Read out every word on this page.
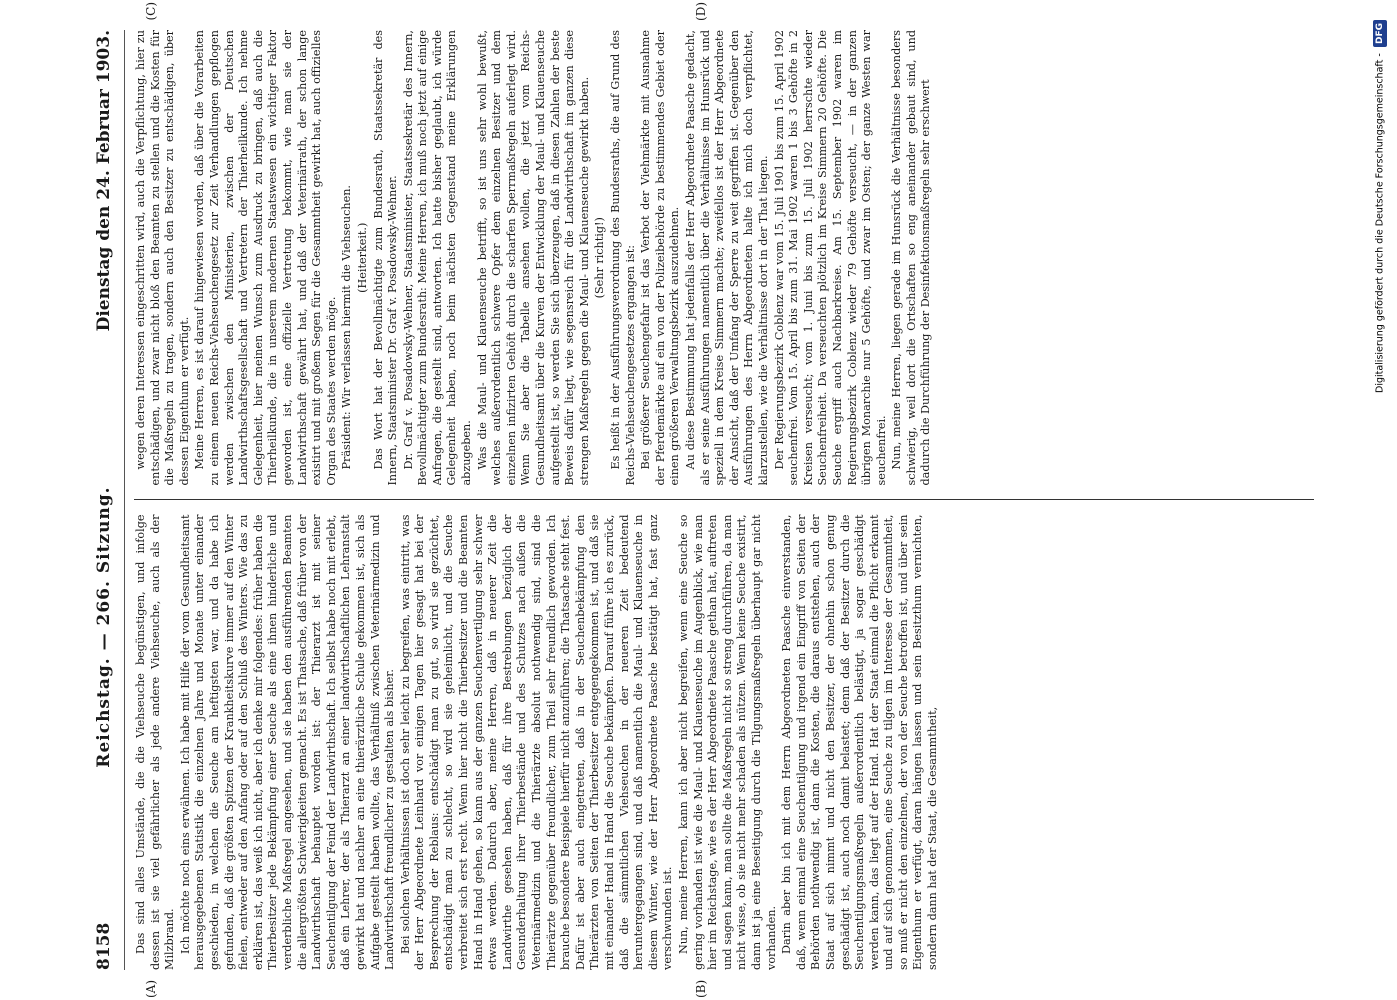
8158
Reichstag. — 266. Sitzung.
Dienstag den 24. Februar 1903.
(A)	(B)
(C)	(D)

Das sind alles Umstände, die die Viehseuche begünstigen, und infolge dessen ist sie viel gefährlicher als jede andere Viehseuche, auch als der Milzbrand. Ich möchte noch eins erwähnen. Ich habe mit Hilfe der vom Gesundheitsamt herausgegebenen Statistik die einzelnen Jahre und Monate unter einander geschieden, in welchen die Seuche am heftigsten war, und da habe ich gefunden, daß die größten Spitzen der Krankheitskurve immer auf den Winter fielen, entweder auf den Anfang oder auf den Schluß des Winters. Wie das zu erklären ist, das weiß ich nicht, aber ich denke mir folgendes: früher haben die Thierbesitzer jede Bekämpfung einer Seuche als eine ihnen hinderliche und verderbliche Maßregel angesehen, und sie haben den ausführenden Beamten die allergrößten Schwierigkeiten gemacht. Es ist Thatsache, daß früher von der Landwirthschaft behauptet worden ist: der Thierarzt ist mit seiner Seuchentilgung der Feind der Landwirthschaft. Ich selbst habe noch mit erlebt, daß ein Lehrer, der als Thierarzt an einer landwirthschaftlichen Lehranstalt gewirkt hat und nachher an eine thierärztliche Schule gekommen ist, sich als Aufgabe gestellt haben wollte, das Verhältniß zwischen Veterinärmedizin und Landwirthschaft freundlicher zu gestalten als bisher. Bei solchen Verhältnissen ist doch sehr leicht zu begreifen, was eintritt, was der Herr Abgeordnete Leinhard vor einigen Tagen hier gesagt hat bei der Besprechung der Reblaus: entschädigt man zu gut, so wird sie gezüchtet, entschädigt man zu schlecht, so wird sie geheimlicht, und die Seuche verbreitet sich erst recht. Wenn hier nicht die Thierbesitzer und die Beamten Hand in Hand gehen, so kann aus der ganzen Seuchenvertilgung sehr schwer etwas werden. Dadurch aber, meine Herren, daß in neuerer Zeit die Landwirthe gesehen haben, daß für ihre Bestrebungen bezüglich der Gesunderhaltung ihrer Thierbestände und des Schutzes nach außen die Veterinärmedizin und die Thierärzte absolut nothwendig sind, sind die Thierärzte gegenüber freundlicher, zum Theil sehr freundlich geworden. Ich brauche besondere Beispiele hierfür nicht anzuführen; die Thatsache steht fest. Dafür ist aber auch eingetreten, daß in der Seuchenbekämpfung den Thierärzten von Seiten der Thierbesitzer entgegengekommen ist, und daß sie mit einander Hand in Hand die Seuche bekämpfen. Darauf führe ich es zurück, daß die sämmtlichen Viehseuchen in der neueren Zeit bedeutend heruntergegangen sind, und daß namentlich die Maul- und Klauenseuche in diesem Winter, wie der Herr Abgeordnete Paasche bestätigt hat, fast ganz verschwunden ist. Nun, meine Herren, kann ich aber nicht begreifen, wenn eine Seuche so gering vorhanden ist wie die Maul- und Klauenseuche im Augenblick, wie man hier im Reichstage, wie es der Herr Abgeordnete Paasche gethan hat, auftreten und sagen kann, man sollte die Maßregeln nicht so streng durchführen, da man nicht wisse, ob sie nicht mehr schaden als nützen. Wenn keine Seuche existirt, dann ist ja eine Beseitigung durch die Tilgungsmaßregeln überhaupt gar nicht vorhanden. Darin aber bin ich mit dem Herrn Abgeordneten Paasche einverstanden, daß, wenn einmal eine Seuchentilgung und irgend ein Eingriff von Seiten der Behörden nothwendig ist, dann die Kosten, die daraus entstehen, auch der Staat auf sich nimmt und nicht den Besitzer, der ohnehin schon genug geschädigt ist, auch noch damit belastet; denn daß der Besitzer durch die Seuchentilgungsmaßregeln außerordentlich belästigt, ja sogar geschädigt werden kann, das liegt auf der Hand. Hat der Staat einmal die Pflicht erkannt und auf sich genommen, eine Seuche zu tilgen im Interesse der Gesammtheit, so muß er nicht den einzelnen, der von der Seuche betroffen ist, und über sein Eigenthum er verfügt, daran hängen lassen und sein Besitzthum vernichten, sondern dann hat der Staat, die Gesammtheit,

wegen deren Interessen eingeschritten wird, auch die Verpflichtung, hier zu entschädigen, und zwar nicht bloß den Beamten zu stellen und die Kosten für die Maßregeln zu tragen, sondern auch den Besitzer zu entschädigen, über dessen Eigenthum er verfügt. Meine Herren, es ist darauf hingewiesen worden, daß über die Vorarbeiten zu einem neuen Reichs-Viehseuchengesetz zur Zeit Verhandlungen gepflogen werden zwischen den Ministerien, zwischen der Deutschen Landwirthschaftsgesellschaft und Vertretern der Thierheilkunde. Ich nehme Gelegenheit, hier meinen Wunsch zum Ausdruck zu bringen, daß auch die Thierheilkunde, die in unserem modernen Staatswesen ein wichtiger Faktor geworden ist, eine offizielle Vertretung bekommt, wie man sie der Landwirthschaft gewährt hat, und daß der Veterinärrath, der schon lange existirt und mit großem Segen für die Gesammtheit gewirkt hat, auch offizielles Organ des Staates werden möge. Präsident: Wir verlassen hiermit die Viehseuchen. (Heiterkeit.) Das Wort hat der Bevollmächtigte zum Bundesrath, Staatssekretär des Innern, Staatsminister Dr. Graf v. Posadowsky-Wehner. Dr. Graf v. Posadowsky-Wehner, Staatsminister, Staatssekretär des Innern, Bevollmächtigter zum Bundesrath: Meine Herren, ich muß noch jetzt auf einige Anfragen, die gestellt sind, antworten. Ich hatte bisher geglaubt, ich würde Gelegenheit haben, noch beim nächsten Gegenstand meine Erklärungen abzugeben. Was die Maul- und Klauenseuche betrifft, so ist uns sehr wohl bewußt, welches außerordentlich schwere Opfer dem einzelnen Besitzer und dem einzelnen infizirten Gehöft durch die scharfen Sperrmaßregeln auferlegt wird. Wenn Sie aber die Tabelle ansehen wollen, die jetzt vom Reichs-Gesundheitsamt über die Kurven der Entwicklung der Maul- und Klauenseuche aufgestellt ist, so werden Sie sich überzeugen, daß in diesen Zahlen der beste Beweis dafür liegt, wie segensreich für die Landwirthschaft im ganzen diese strengen Maßregeln gegen die Maul- und Klauenseuche gewirkt haben. (Sehr richtig!) Es heißt in der Ausführungsverordnung des Bundesraths, die auf Grund des Reichs-Viehseuchengesetzes ergangen ist: Bei größerer Seuchengefahr ist das Verbot der Viehmärkte mit Ausnahme der Pferdemärkte auf ein von der Polizeibehörde zu bestimmendes Gebiet oder einen größeren Verwaltungsbezirk auszudehnen. Au diese Bestimmung hat jedenfalls der Herr Abgeordnete Paasche gedacht, als er seine Ausführungen namentlich über die Verhältnisse im Hunsrück und speziell in dem Kreise Simmern machte; zweifellos ist der Herr Abgeordnete der Ansicht, daß der Umfang der Sperre zu weit gegriffen ist. Gegenüber den Ausführungen des Herrn Abgeordneten halte ich mich doch verpflichtet, klarzustellen, wie die Verhältnisse dort in der That liegen. Der Regierungsbezirk Coblenz war vom 15. Juli 1901 bis zum 15. April 1902 seuchenfrei. Vom 15. April bis zum 31. Mai 1902 waren 1 bis 3 Gehöfte in 2 Kreisen verseucht; vom 1. Juni bis zum 15. Juli 1902 herrschte wieder Seuchenfreiheit. Da verseuchten plötzlich im Kreise Simmern 20 Gehöfte. Die Seuche ergriff auch Nachbarkreise. Am 15. September 1902 waren im Regierungsbezirk Coblenz wieder 79 Gehöfte verseucht, — in der ganzen übrigen Monarchie nur 5 Gehöfte, und zwar im Osten; der ganze Westen war seuchenfrei. Nun, meine Herren, liegen gerade im Hunsrück die Verhältnisse besonders schwierig, weil dort die Ortschaften so eng aneinander gebaut sind, und dadurch die Durchführung der Desinfektionsmaßregeln sehr erschwert	Digitalisierung gefördert durch die Deutsche Forschungsgemeinschaft -
DFG
